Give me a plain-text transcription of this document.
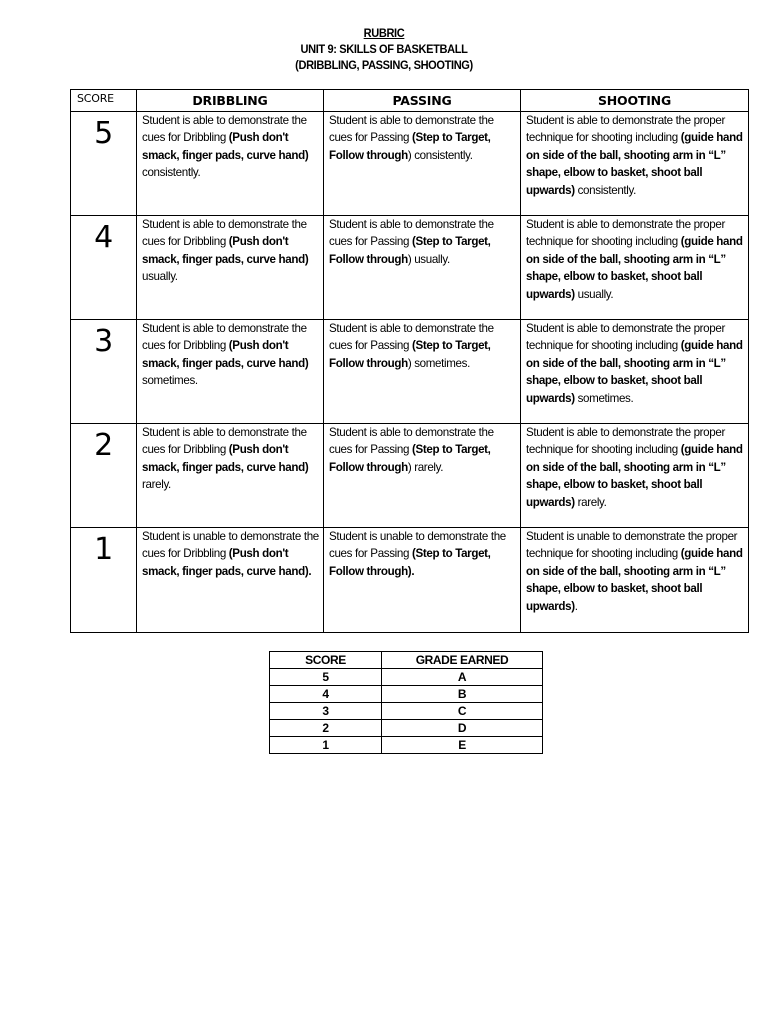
RUBRIC
UNIT 9: SKILLS OF BASKETBALL
(DRIBBLING, PASSING, SHOOTING)
SCORE	DRIBBLING	PASSING	SHOOTING
5	Student is able to demonstrate the cues for Dribbling (Push don't smack, finger pads, curve hand) consistently.	Student is able to demonstrate the cues for Passing (Step to Target, Follow through) consistently.	Student is able to demonstrate the proper technique for shooting including (guide hand on side of the ball, shooting arm in “L” shape, elbow to basket, shoot ball upwards) consistently.
4	Student is able to demonstrate the cues for Dribbling (Push don't smack, finger pads, curve hand) usually.	Student is able to demonstrate the cues for Passing (Step to Target, Follow through) usually.	Student is able to demonstrate the proper technique for shooting including (guide hand on side of the ball, shooting arm in “L” shape, elbow to basket, shoot ball upwards) usually.
3	Student is able to demonstrate the cues for Dribbling (Push don't smack, finger pads, curve hand) sometimes.	Student is able to demonstrate the cues for Passing (Step to Target, Follow through) sometimes.	Student is able to demonstrate the proper technique for shooting including (guide hand on side of the ball, shooting arm in “L” shape, elbow to basket, shoot ball upwards) sometimes.
2	Student is able to demonstrate the cues for Dribbling (Push don't smack, finger pads, curve hand) rarely.	Student is able to demonstrate the cues for Passing (Step to Target, Follow through) rarely.	Student is able to demonstrate the proper technique for shooting including (guide hand on side of the ball, shooting arm in “L” shape, elbow to basket, shoot ball upwards) rarely.
1	Student is unable to demonstrate the cues for Dribbling (Push don't smack, finger pads, curve hand).	Student is unable to demonstrate the cues for Passing (Step to Target, Follow through).	Student is unable to demonstrate the proper technique for shooting including (guide hand on side of the ball, shooting arm in “L” shape, elbow to basket, shoot ball upwards).
SCORE	GRADE EARNED
5	A
4	B
3	C
2	D
1	E
